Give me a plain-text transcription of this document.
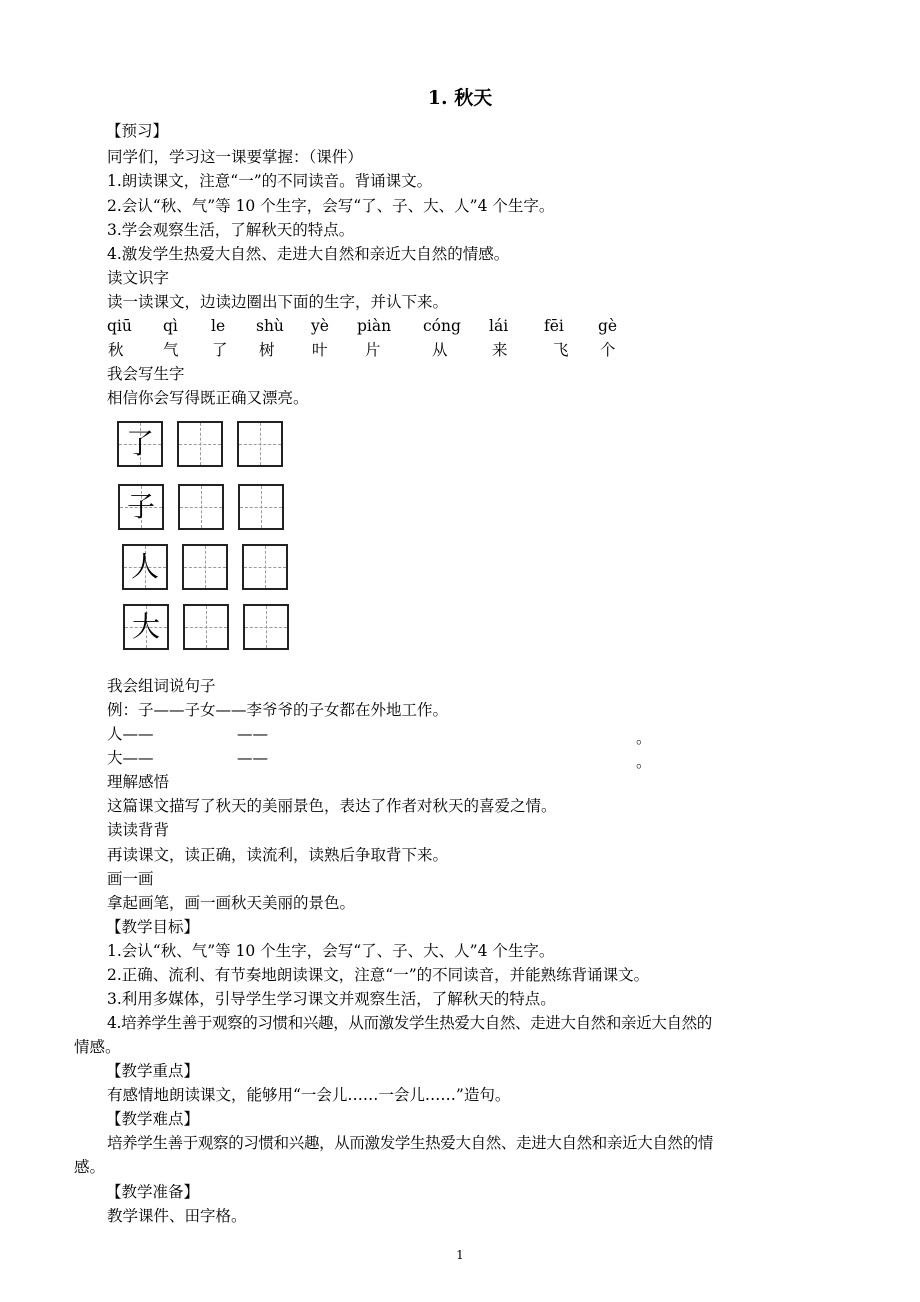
1. 秋天
【预习】
同学们，学习这一课要掌握：（课件）
1.朗读课文，注意“一”的不同读音。背诵课文。
2.会认“秋、气”等 10 个生字，会写“了、子、大、人”4 个生字。
3.学会观察生活，了解秋天的特点。
4.激发学生热爱大自然、走进大自然和亲近大自然的情感。
读文识字
读一读课文，边读边圈出下面的生字，并认下来。
qiū qì le shù yè piàn cóng lái fēi gè
秋	气 了 树 叶 片	从	来	飞 个
我会写生字
相信你会写得既正确又漂亮。
了
子
人
大
我会组词说句子
例：子——子女——李爷爷的子女都在外地工作。
人——	——	。
大——	——	。
理解感悟
这篇课文描写了秋天的美丽景色，表达了作者对秋天的喜爱之情。
读读背背
再读课文，读正确，读流利，读熟后争取背下来。
画一画
拿起画笔，画一画秋天美丽的景色。
【教学目标】
1.会认“秋、气”等 10 个生字，会写“了、子、大、人”4 个生字。
2.正确、流利、有节奏地朗读课文，注意“一”的不同读音，并能熟练背诵课文。
3.利用多媒体，引导学生学习课文并观察生活，了解秋天的特点。
4.培养学生善于观察的习惯和兴趣，从而激发学生热爱大自然、走进大自然和亲近大自然的
情感。
【教学重点】
有感情地朗读课文，能够用“一会儿……一会儿……”造句。
【教学难点】
培养学生善于观察的习惯和兴趣，从而激发学生热爱大自然、走进大自然和亲近大自然的情
感。
【教学准备】
教学课件、田字格。
1
